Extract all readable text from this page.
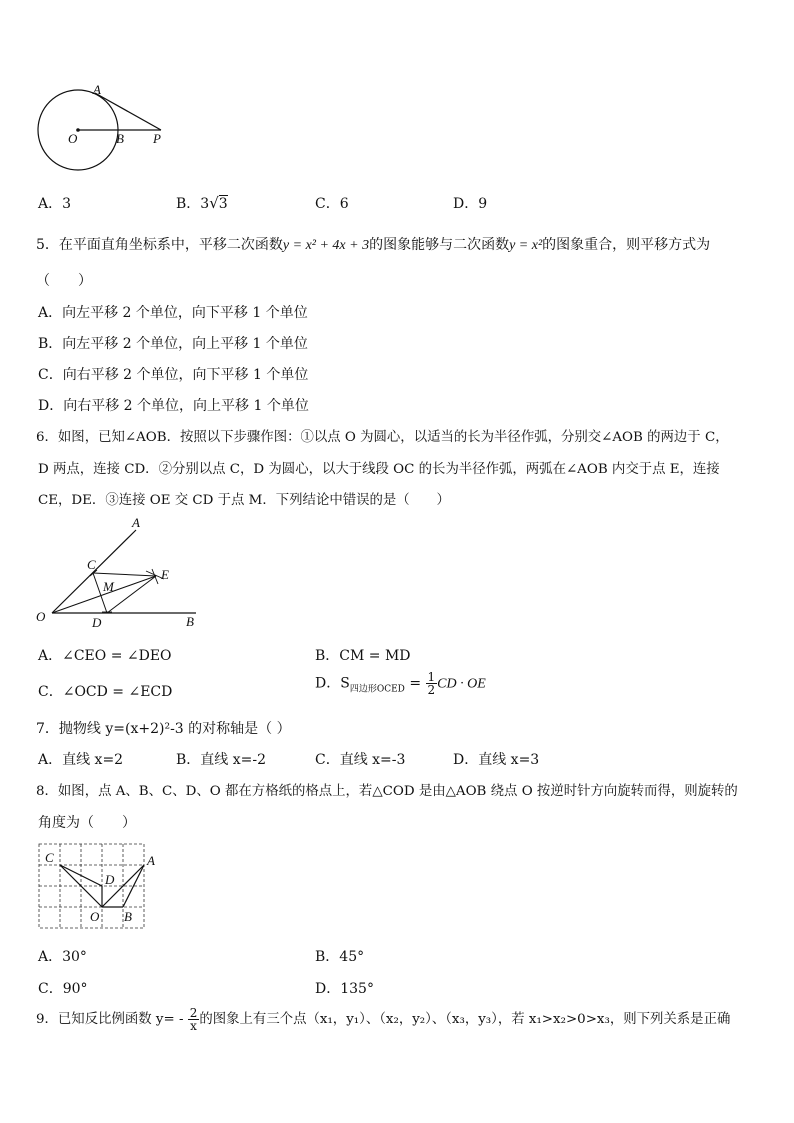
A
O	B P
A．3	B．3√3	C．6	D．9
5．在平面直角坐标系中，平移二次函数y = x² + 4x + 3的图象能够与二次函数y = x²的图象重合，则平移方式为
（　　）
A．向左平移 2 个单位，向下平移 1 个单位
B．向左平移 2 个单位，向上平移 1 个单位
C．向右平移 2 个单位，向下平移 1 个单位
D．向右平移 2 个单位，向上平移 1 个单位
6．如图，已知∠AOB．按照以下步骤作图：①以点 O 为圆心，以适当的长为半径作弧，分别交∠AOB 的两边于 C，
D 两点，连接 CD．②分别以点 C，D 为圆心，以大于线段 OC 的长为半径作弧，两弧在∠AOB 内交于点 E，连接
CE，DE．③连接 OE 交 CD 于点 M．下列结论中错误的是（　　）
A
C
E
M
O	D	B
A．∠CEO = ∠DEO	B．CM = MD
C．∠OCD = ∠ECD
D．$S_{四边形OCED} = \frac{1}{2}$ CD · OE
7．抛物线 y=(x+2)²-3 的对称轴是（ ）
A．直线 x=2	B．直线 x=-2	C．直线 x=-3	D．直线 x=3
8．如图，点 A、B、C、D、O 都在方格纸的格点上，若△COD 是由△AOB 绕点 O 按逆时针方向旋转而得，则旋转的
角度为（　　）
C	A
D
O B
A．30°	B．45°
C．90°	D．135°
9．已知反比例函数 $y= - \frac{2}{x}$ 的图象上有三个点（x₁，y₁）、（x₂，y₂）、（x₃，y₃），若 x₁>x₂>0>x₃，则下列关系是正确
